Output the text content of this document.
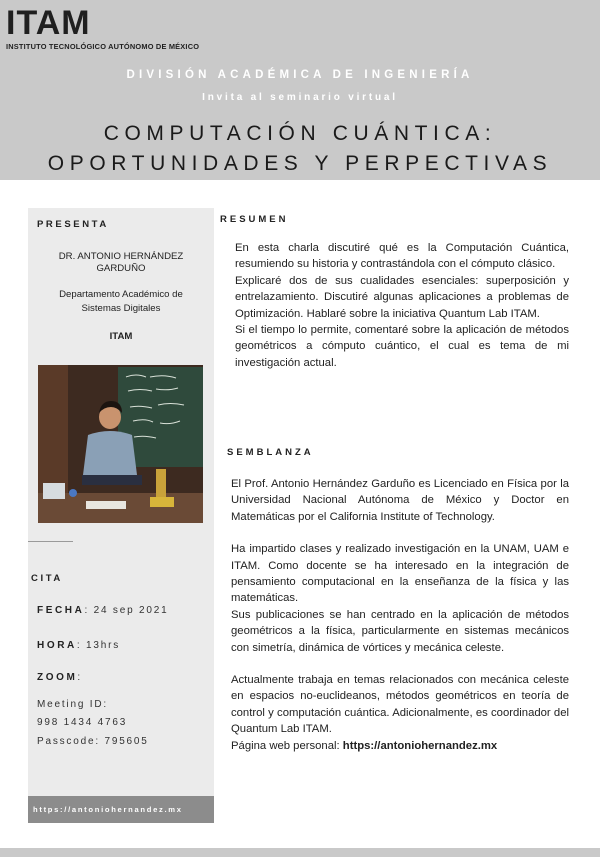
ITAM
INSTITUTO TECNOLÓGICO AUTÓNOMO DE MÉXICO
DIVISIÓN ACADÉMICA DE INGENIERÍA
Invita al seminario virtual
COMPUTACIÓN CUÁNTICA:
OPORTUNIDADES Y PERPECTIVAS
PRESENTA
DR. ANTONIO HERNÁNDEZ
GARDUÑO
Departamento Académico de
Sistemas Digitales
ITAM
CITA
FECHA: 24 sep 2021
HORA: 13hrs
ZOOM:
Meeting ID:
998 1434 4763
Passcode: 795605
https://antoniohernandez.mx
RESUMEN

En esta charla discutiré qué es la Computación Cuántica, resumiendo su historia y contrastándola con el cómputo clásico.

Explicaré dos de sus cualidades esenciales: superposición y entrelazamiento. Discutiré algunas aplicaciones a problemas de Optimización. Hablaré sobre la iniciativa Quantum Lab ITAM.

Si el tiempo lo permite, comentaré sobre la aplicación de métodos geométricos a cómputo cuántico, el cual es tema de mi investigación actual.

SEMBLANZA

El Prof. Antonio Hernández Garduño es Licenciado en Física por la Universidad Nacional Autónoma de México y Doctor en Matemáticas por el California Institute of Technology.

Ha impartido clases y realizado investigación en la UNAM, UAM e ITAM. Como docente se ha interesado en la integración de pensamiento computacional en la enseñanza de la física y las matemáticas.

Sus publicaciones se han centrado en la aplicación de métodos geométricos a la física, particularmente en sistemas mecánicos con simetría, dinámica de vórtices y mecánica celeste.

Actualmente trabaja en temas relacionados con mecánica celeste en espacios no-euclideanos, métodos geométricos en teoría de control y computación cuántica. Adicionalmente, es coordinador del Quantum Lab ITAM.

Página web personal: https://antoniohernandez.mx
